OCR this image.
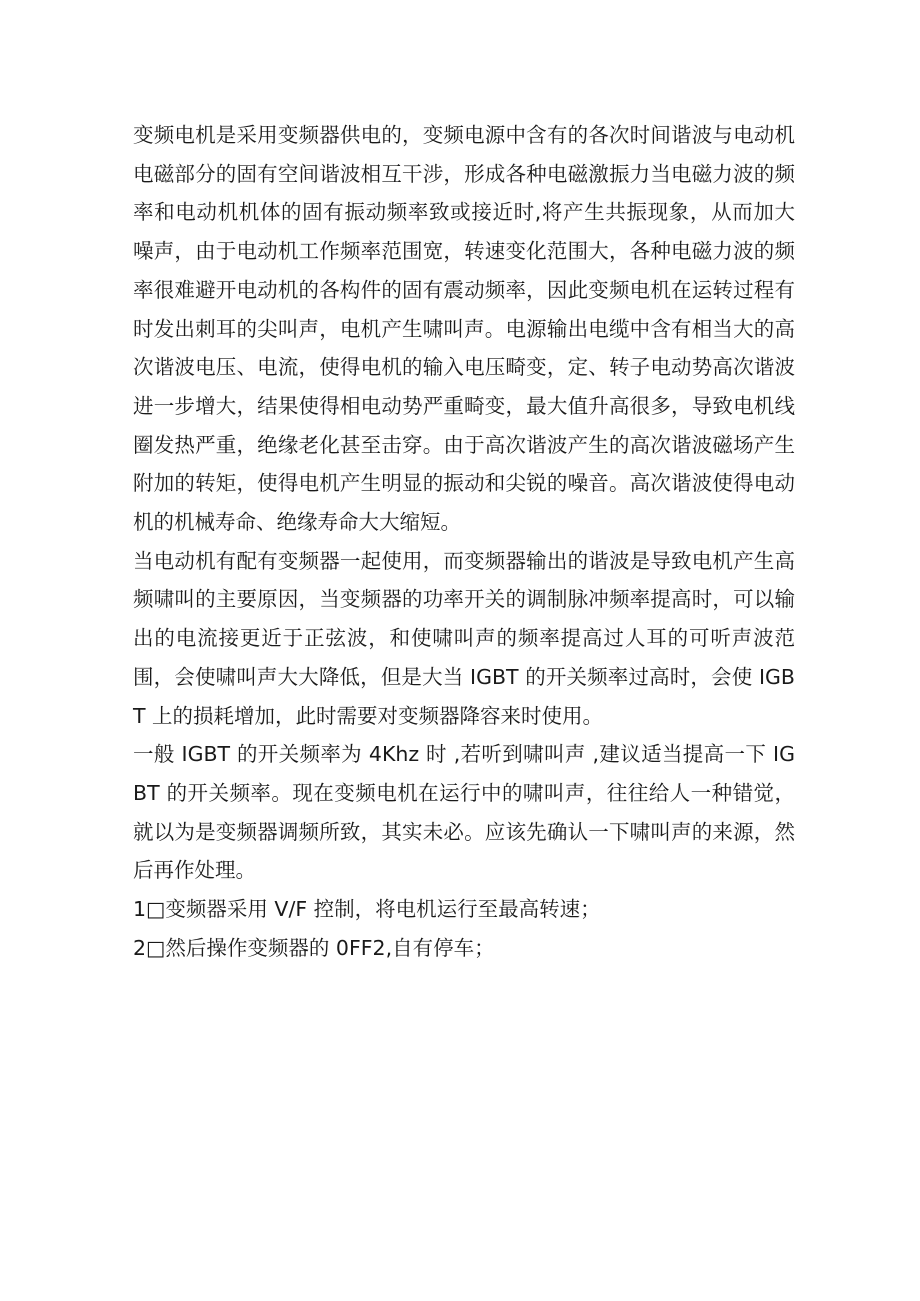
变频电机是采用变频器供电的，变频电源中含有的各次时间谐波与电动机电磁部分的固有空间谐波相互干涉，形成各种电磁激振力当电磁力波的频率和电动机机体的固有振动频率致或接近时,将产生共振现象，从而加大噪声，由于电动机工作频率范围宽，转速变化范围大，各种电磁力波的频率很难避开电动机的各构件的固有震动频率，因此变频电机在运转过程有时发出刺耳的尖叫声，电机产生啸叫声。电源输出电缆中含有相当大的高次谐波电压、电流，使得电机的输入电压畸变，定、转子电动势高次谐波进一步增大，结果使得相电动势严重畸变，最大值升高很多，导致电机线圈发热严重，绝缘老化甚至击穿。由于高次谐波产生的高次谐波磁场产生附加的转矩，使得电机产生明显的振动和尖锐的噪音。高次谐波使得电动机的机械寿命、绝缘寿命大大缩短。

当电动机有配有变频器一起使用，而变频器输出的谐波是导致电机产生高频啸叫的主要原因，当变频器的功率开关的调制脉冲频率提高时，可以输出的电流接更近于正弦波，和使啸叫声的频率提高过人耳的可听声波范围，会使啸叫声大大降低，但是大当 IGBT 的开关频率过高时，会使 IGBT 上的损耗增加，此时需要对变频器降容来时使用。

一般 IGBT 的开关频率为 4Khz 时 ,若听到啸叫声 ,建议适当提高一下 IGBT 的开关频率。现在变频电机在运行中的啸叫声，往往给人一种错觉，就以为是变频器调频所致，其实未必。应该先确认一下啸叫声的来源，然后再作处理。

1□变频器采用 V/F 控制，将电机运行至最高转速；

2□然后操作变频器的 0FF2,自有停车；
